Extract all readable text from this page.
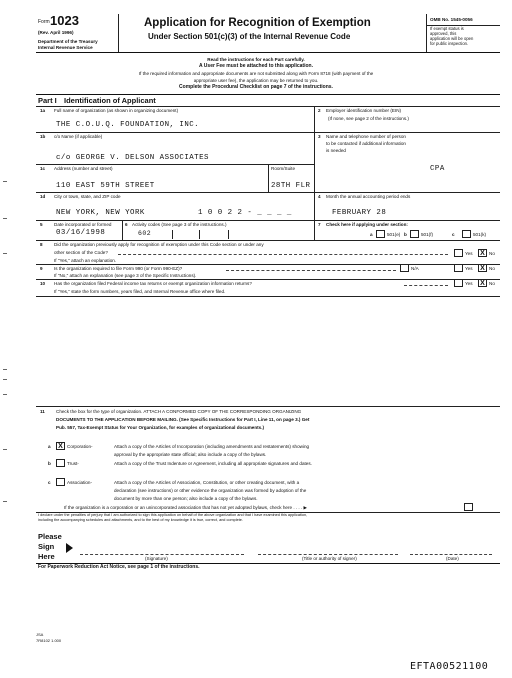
Form 1023
(Rev. April 1996)
Department of the Treasury
Internal Revenue Service
Application for Recognition of Exemption
Under Section 501(c)(3) of the Internal Revenue Code
OMB No. 1545-0056
If exempt status is
approved, this
application will be open
for public inspection.
Read the instructions for each Part carefully.
A User Fee must be attached to this application.
If the required information and appropriate documents are not submitted along with Form 8718 (with payment of the
appropriate user fee), the application may be returned to you.
Complete the Procedural Checklist on page 7 of the instructions.
Part I Identification of Applicant
1a Full name of organization (as shown in organizing document)
THE C.O.U.Q. FOUNDATION, INC.
2 Employer identification number (EIN)
(If none, see page 2 of the instructions.)
1b c/o Name (if applicable)
c/o GEORGE V. DELSON ASSOCIATES
3 Name and telephone number of person
to be contacted if additional information
is needed
CPA
1c Address (number and street)	Room/Suite
110 EAST 59TH STREET	28TH FLR
1d City or town, state, and ZIP code
NEW YORK, NEW YORK	1 0 0 2 2 - _ _ _ _
4 Month the annual accounting period ends
FEBRUARY 28
5 Date incorporated or formed
03/16/1998
6 Activity codes (See page 3 of the instructions.)
602
7 Check here if applying under section:
a	501(e) b	501(f)	c	501(k)
8 Did the organization previously apply for recognition of exemption under this Code section or under any
other section of the Code?	Yes	X No
If "Yes," attach an explanation.
9 Is the organization required to file Form 990 (or Form 990-EZ)?	N/A	Yes	X No
If "No," attach an explanation (see page 3 of the Specific Instructions).
10 Has the organization filed Federal income tax returns or exempt organization information returns?	Yes	X No
If "Yes," state the form numbers, years filed, and Internal Revenue office where filed.
11 Check the box for the type of organization. ATTACH A CONFORMED COPY OF THE CORRESPONDING ORGANIZING
DOCUMENTS TO THE APPLICATION BEFORE MAILING. (See Specific Instructions for Part I, Line 11, on page 3.) Get
Pub. 557, Tax-Exempt Status for Your Organization, for examples of organizational documents.)
a	X Corporation-	Attach a copy of the Articles of Incorporation (including amendments and restatements) showing
approval by the appropriate state official; also include a copy of the bylaws.
b	Trust-	Attach a copy of the Trust Indenture or Agreement, including all appropriate signatures and dates.
c	Association-	Attach a copy of the Articles of Association, Constitution, or other creating document, with a
declaration (see instructions) or other evidence the organization was formed by adoption of the
document by more than one person; also include a copy of the bylaws.
If the organization is a corporation or an unincorporated association that has not yet adopted bylaws, check here . . . . ▶
I declare under the penalties of perjury that I am authorized to sign this application on behalf of the above organization and that I have examined this application,
including the accompanying schedules and attachments, and to the best of my knowledge it is true, correct, and complete.
Please
Sign
Here	(Signature)	(Title or authority of signer)	(Date)
For Paperwork Reduction Act Notice, see page 1 of the instructions.
JSA
7R8102 1.000
EFTA00521100
